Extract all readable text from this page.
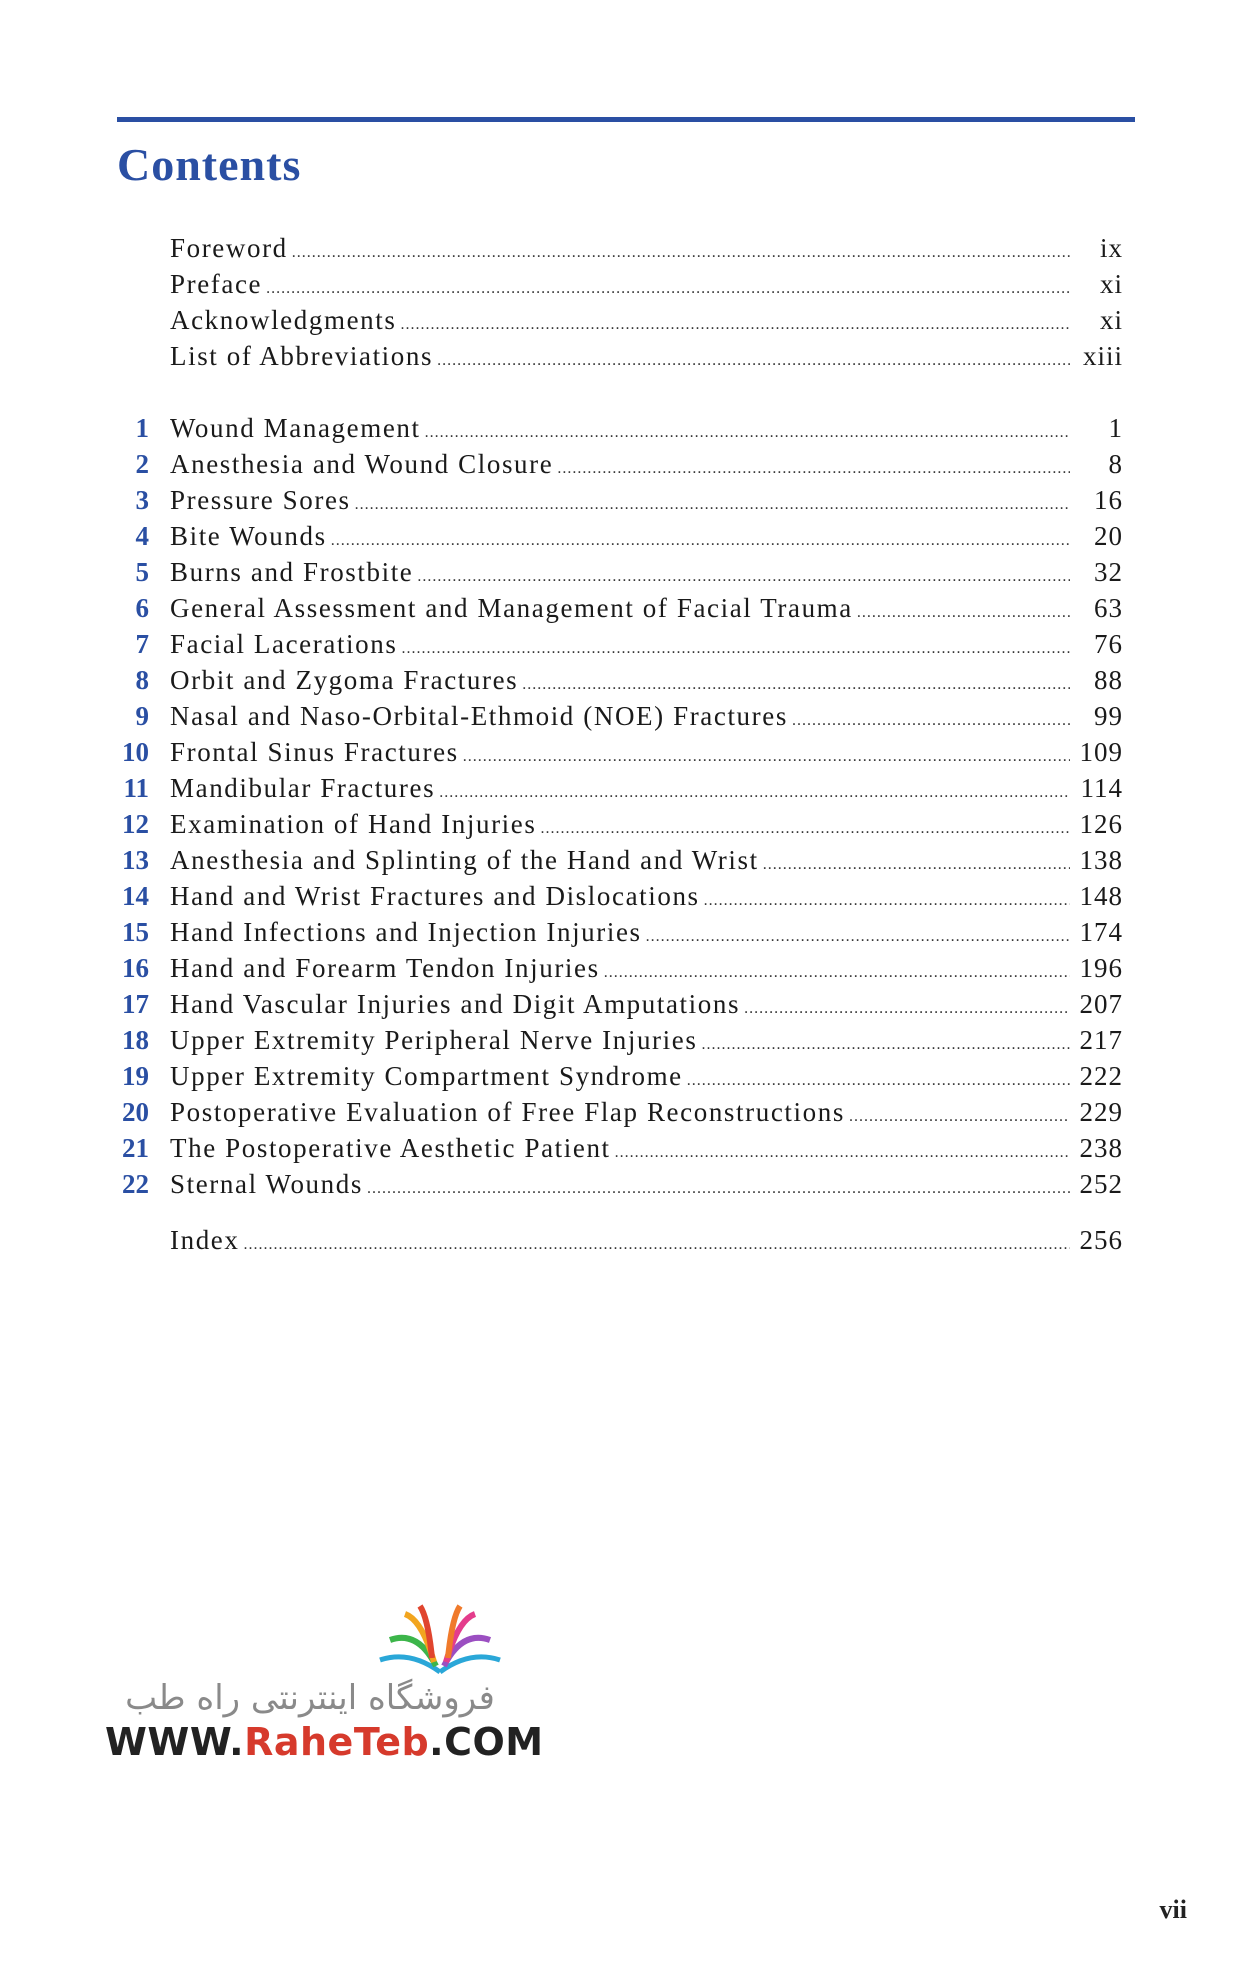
Contents
Foreword .....	ix
Preface .....	xi
Acknowledgments .....	xi
List of Abbreviations .....	xiii
1 Wound Management .....	1
2 Anesthesia and Wound Closure .....	8
3 Pressure Sores .....	16
4 Bite Wounds .....	20
5 Burns and Frostbite .....	32
6 General Assessment and Management of Facial Trauma .....	63
7 Facial Lacerations .....	76
8 Orbit and Zygoma Fractures .....	88
9 Nasal and Naso-Orbital-Ethmoid (NOE) Fractures .....	99
10 Frontal Sinus Fractures .....	109
11 Mandibular Fractures .....	114
12 Examination of Hand Injuries .....	126
13 Anesthesia and Splinting of the Hand and Wrist .....	138
14 Hand and Wrist Fractures and Dislocations .....	148
15 Hand Infections and Injection Injuries .....	174
16 Hand and Forearm Tendon Injuries .....	196
17 Hand Vascular Injuries and Digit Amputations .....	207
18 Upper Extremity Peripheral Nerve Injuries .....	217
19 Upper Extremity Compartment Syndrome .....	222
20 Postoperative Evaluation of Free Flap Reconstructions .....	229
21 The Postoperative Aesthetic Patient .....	238
22 Sternal Wounds .....	252
Index .....	256
فروشگاه اینترنتی راه طب
WWW.RaheTeb.COM
vii
